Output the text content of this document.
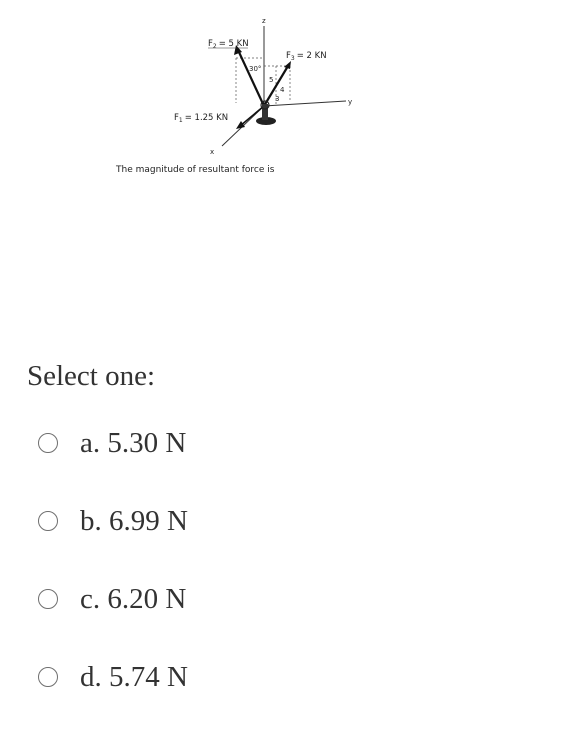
z
y
x
30°
5
4
3
$F_2 = 5$ KN
$F_3 = 2$ KN
$F_1 = 1.25$ KN
The magnitude of resultant force is
Select one:
a. 5.30 N
b. 6.99 N
c. 6.20 N
d. 5.74 N
